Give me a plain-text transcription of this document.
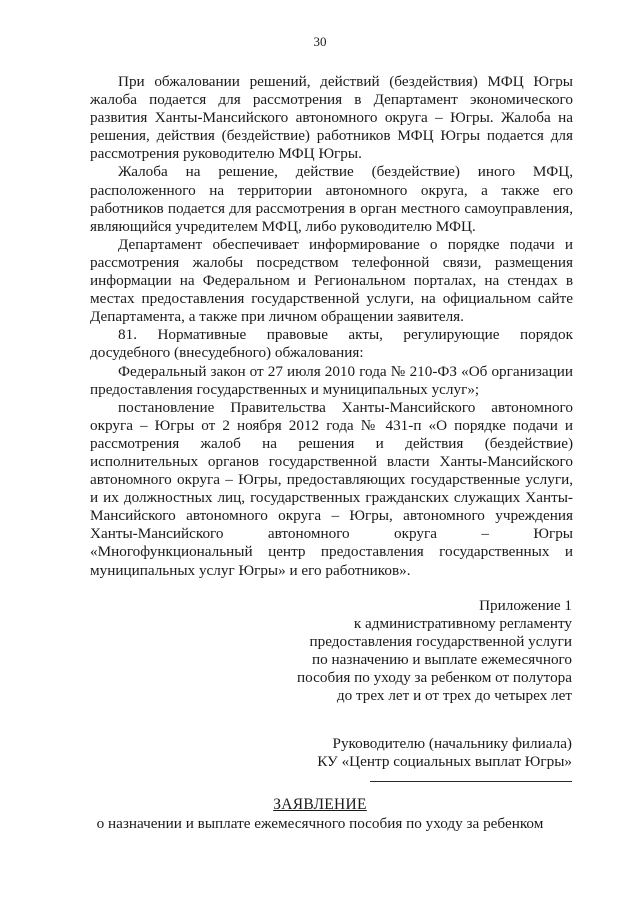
30

При обжаловании решений, действий (бездействия) МФЦ Югры жалоба подается для рассмотрения в Департамент экономического развития Ханты-Мансийского автономного округа – Югры. Жалоба на решения, действия (бездействие) работников МФЦ Югры подается для рассмотрения руководителю МФЦ Югры.

Жалоба на решение, действие (бездействие) иного МФЦ, расположенного на территории автономного округа, а также его работников подается для рассмотрения в орган местного самоуправления, являющийся учредителем МФЦ, либо руководителю МФЦ.

Департамент обеспечивает информирование о порядке подачи и рассмотрения жалобы посредством телефонной связи, размещения информации на Федеральном и Региональном порталах, на стендах в местах предоставления государственной услуги, на официальном сайте Департамента, а также при личном обращении заявителя.

81. Нормативные правовые акты, регулирующие порядок досудебного (внесудебного) обжалования:

Федеральный закон от 27 июля 2010 года № 210-ФЗ «Об организации предоставления государственных и муниципальных услуг»;

постановление Правительства Ханты-Мансийского автономного округа – Югры от 2 ноября 2012 года № 431-п «О порядке подачи и рассмотрения жалоб на решения и действия (бездействие) исполнительных органов государственной власти Ханты-Мансийского автономного округа – Югры, предоставляющих государственные услуги, и их должностных лиц, государственных гражданских служащих Ханты-Мансийского автономного округа – Югры, автономного учреждения Ханты-Мансийского автономного округа – Югры «Многофункциональный центр предоставления государственных и муниципальных услуг Югры» и его работников».

Приложение 1
к административному регламенту
предоставления государственной услуги
по назначению и выплате ежемесячного
пособия по уходу за ребенком от полутора
до трех лет и от трех до четырех лет
Руководителю (начальнику филиала)
КУ «Центр социальных выплат Югры»
ЗАЯВЛЕНИЕ
о назначении и выплате ежемесячного пособия по уходу за ребенком
